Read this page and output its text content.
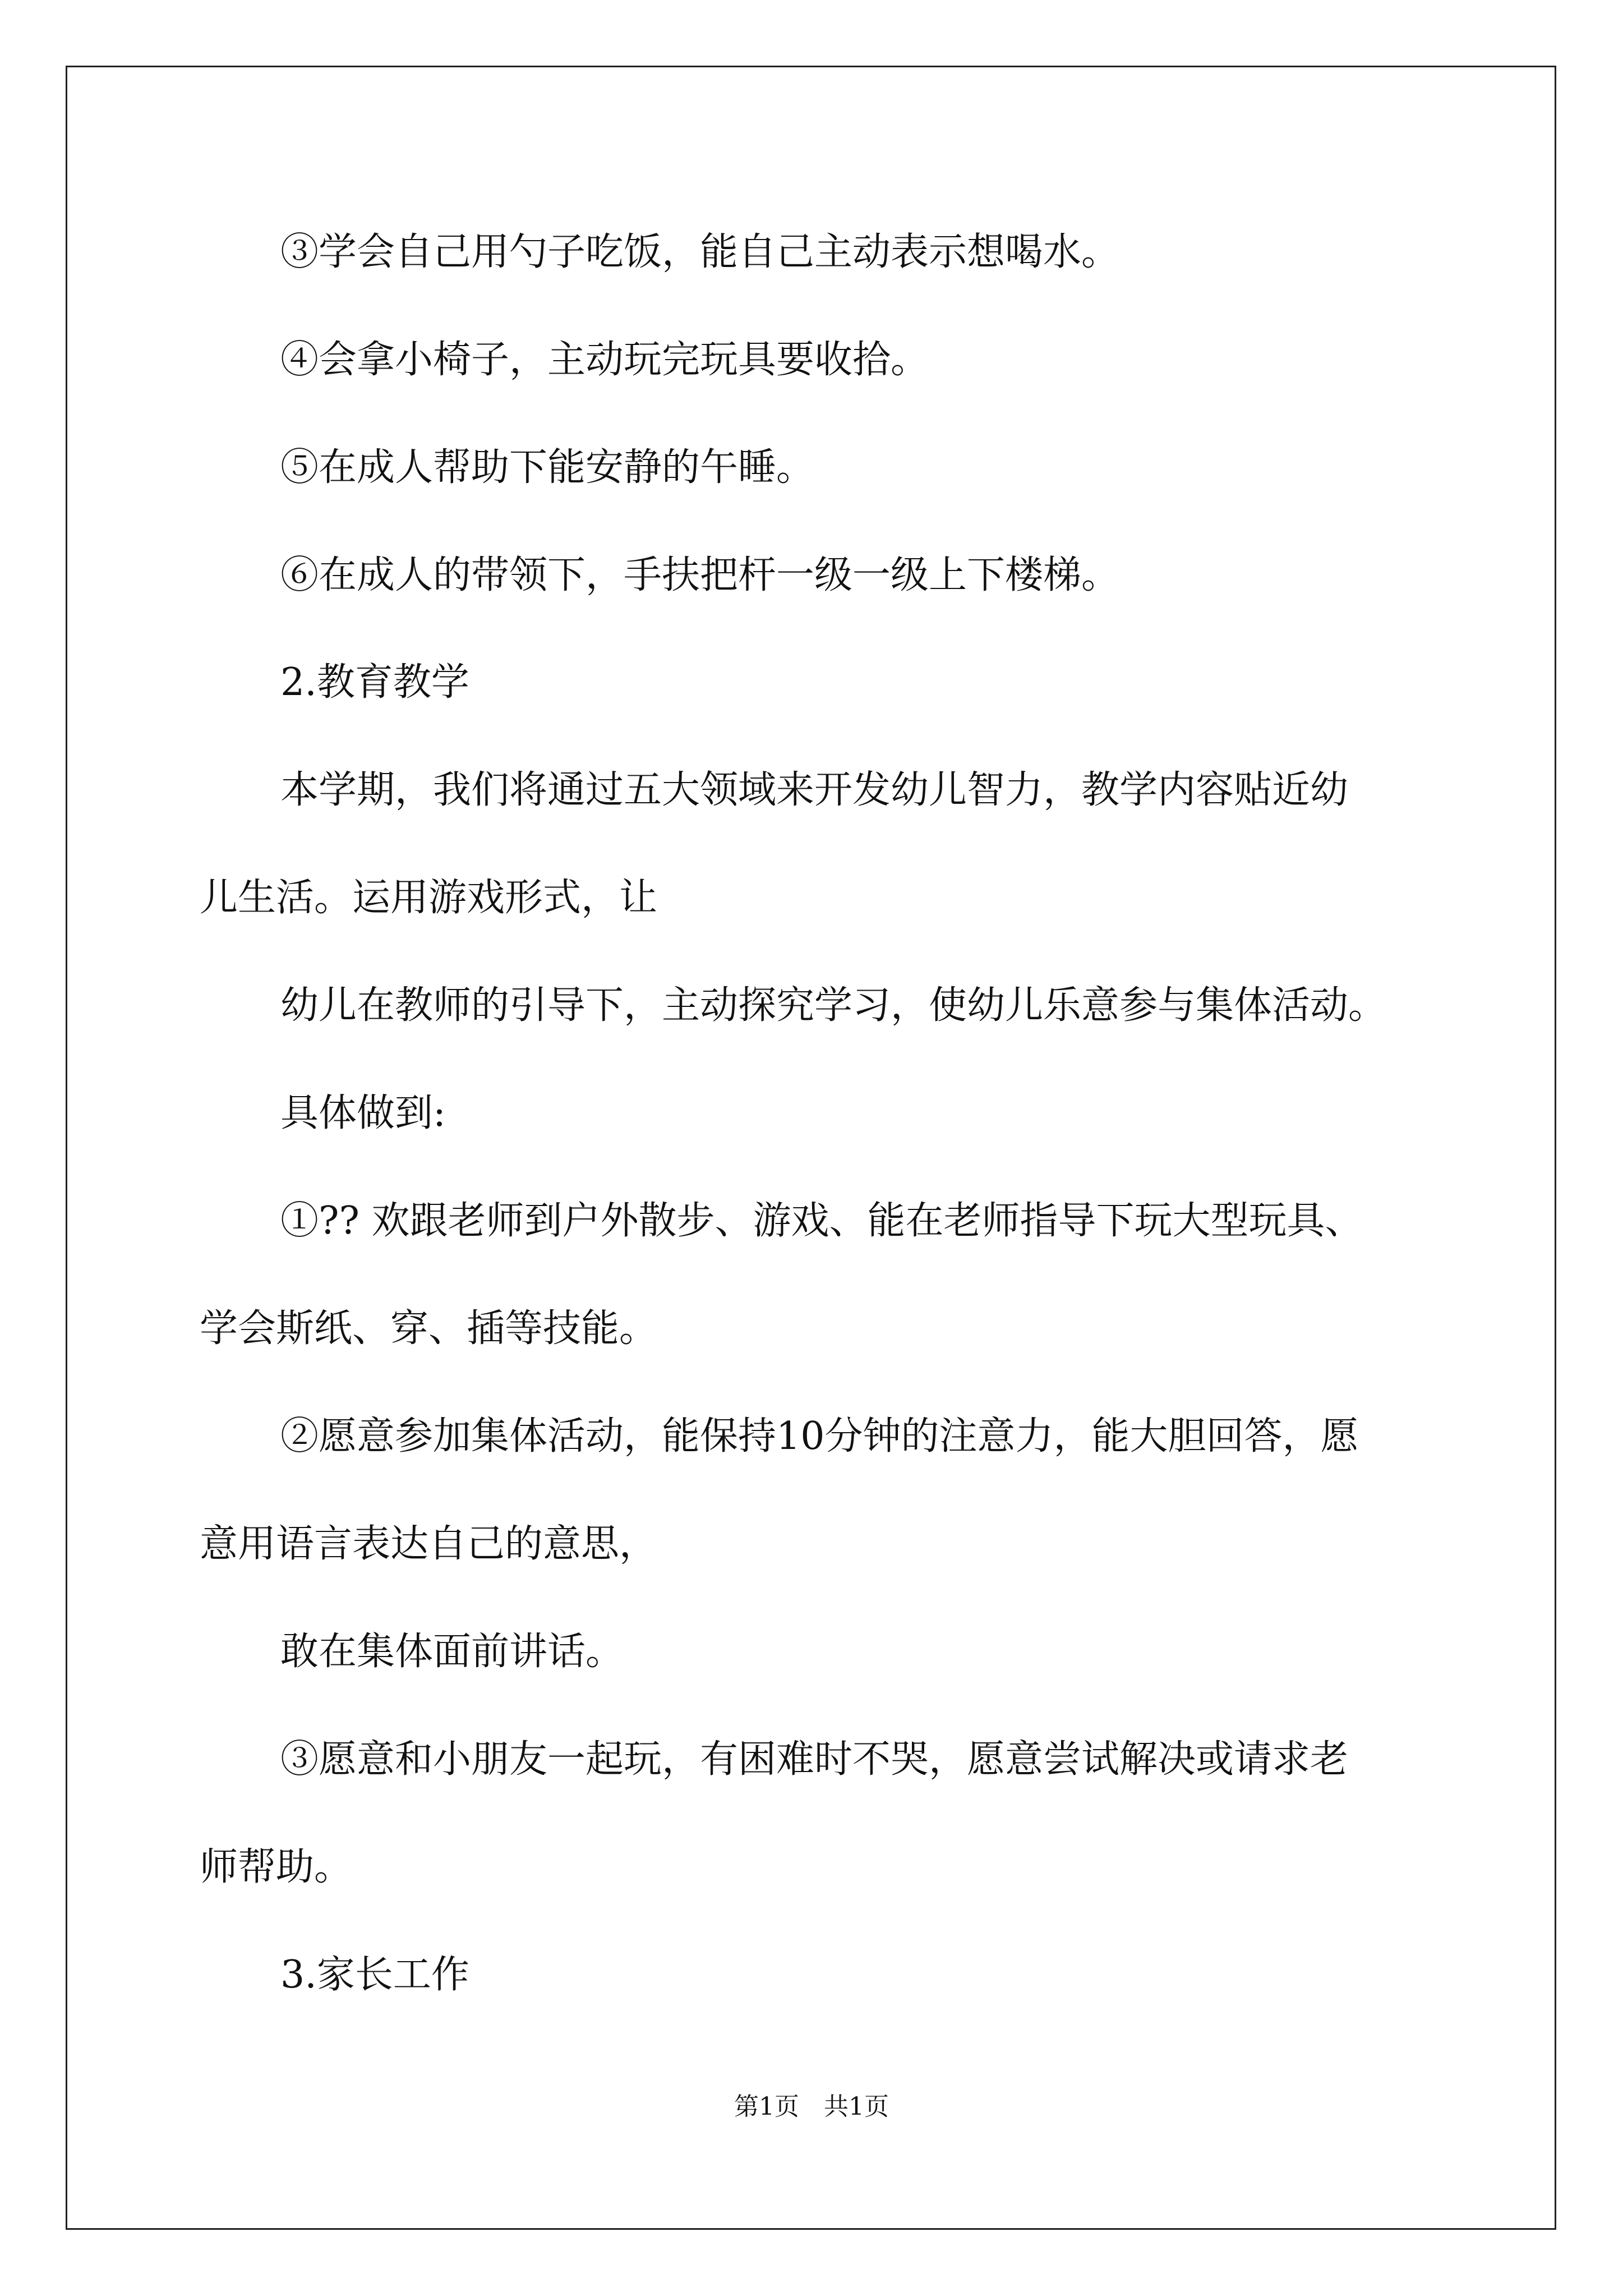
③学会自己用勺子吃饭，能自己主动表示想喝水。

④会拿小椅子，主动玩完玩具要收拾。

⑤在成人帮助下能安静的午睡。

⑥在成人的带领下，手扶把杆一级一级上下楼梯。

2.教育教学

本学期，我们将通过五大领域来开发幼儿智力，教学内容贴近幼

儿生活。运用游戏形式，让

幼儿在教师的引导下，主动探究学习，使幼儿乐意参与集体活动。

具体做到:

①?? 欢跟老师到户外散步、游戏、能在老师指导下玩大型玩具、

学会斯纸、穿、插等技能。

②愿意参加集体活动，能保持10分钟的注意力，能大胆回答，愿

意用语言表达自己的意思，

敢在集体面前讲话。

③愿意和小朋友一起玩，有困难时不哭，愿意尝试解决或请求老

师帮助。

3.家长工作

第1页　共1页
